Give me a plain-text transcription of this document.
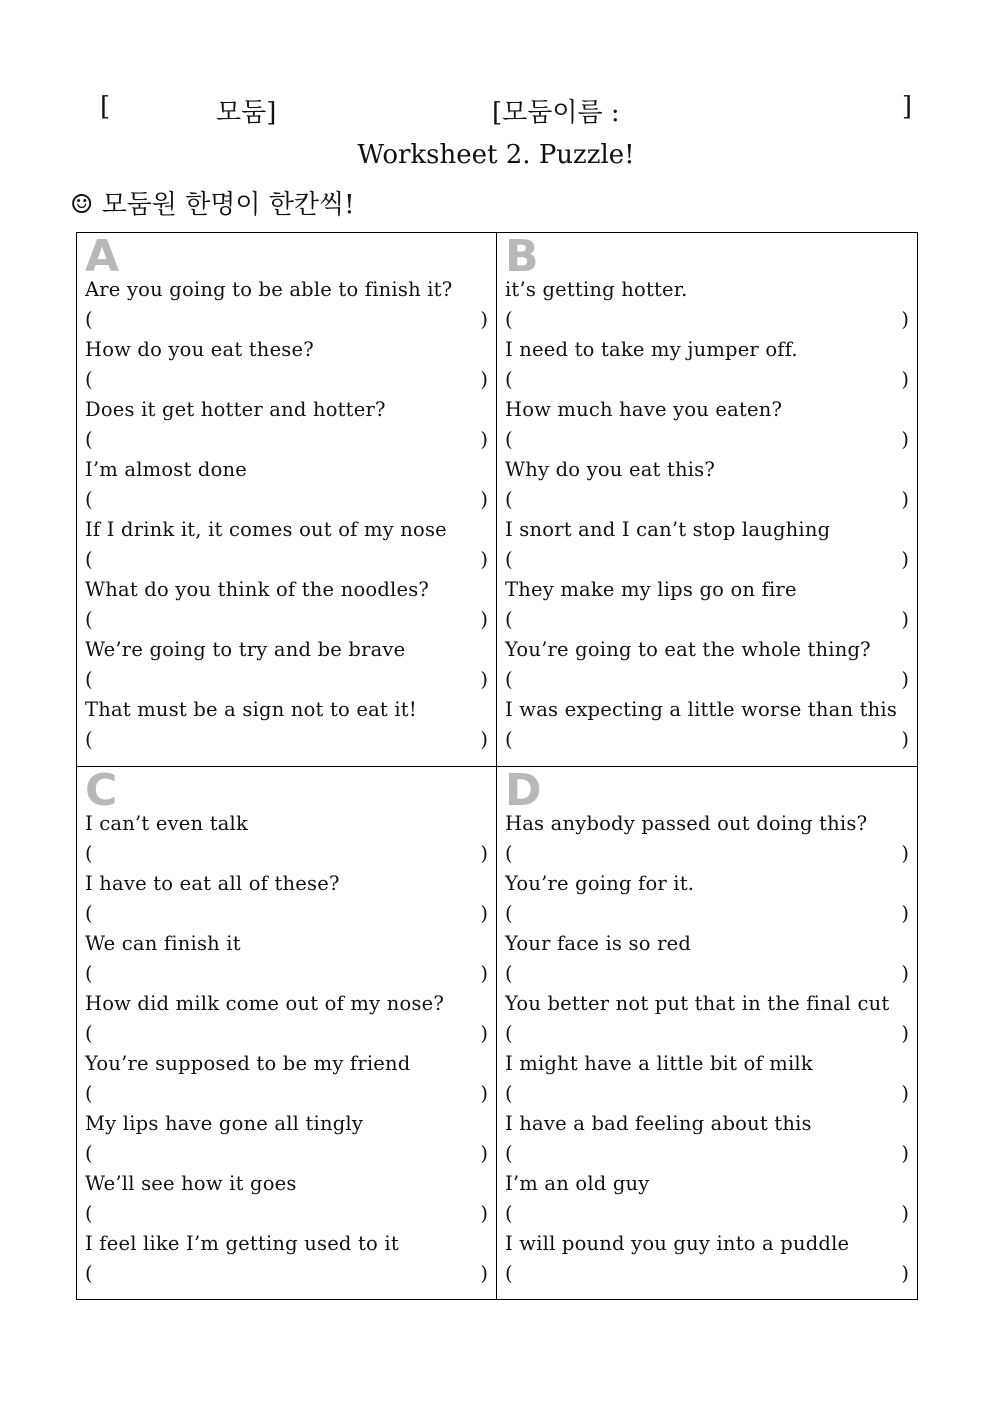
[	모둠]	[모둠이름 :	]
Worksheet 2. Puzzle!
☺ 모둠원 한명이 한칸씩!
A
Are you going to be able to finish it?
(	)
How do you eat these?
(	)
Does it get hotter and hotter?
(	)
I’m almost done
(	)
If I drink it, it comes out of my nose
(	)
What do you think of the noodles?
(	)
We’re going to try and be brave
(	)
That must be a sign not to eat it!
(	)
B
it’s getting hotter.
(	)
I need to take my jumper off.
(	)
How much have you eaten?
(	)
Why do you eat this?
(	)
I snort and I can’t stop laughing
(	)
They make my lips go on fire
(	)
You’re going to eat the whole thing?
(	)
I was expecting a little worse than this
(	)
C
I can’t even talk
(	)
I have to eat all of these?
(	)
We can finish it
(	)
How did milk come out of my nose?
(	)
You’re supposed to be my friend
(	)
My lips have gone all tingly
(	)
We’ll see how it goes
(	)
I feel like I’m getting used to it
(	)
D
Has anybody passed out doing this?
(	)
You’re going for it.
(	)
Your face is so red
(	)
You better not put that in the final cut
(	)
I might have a little bit of milk
(	)
I have a bad feeling about this
(	)
I’m an old guy
(	)
I will pound you guy into a puddle
(	)
